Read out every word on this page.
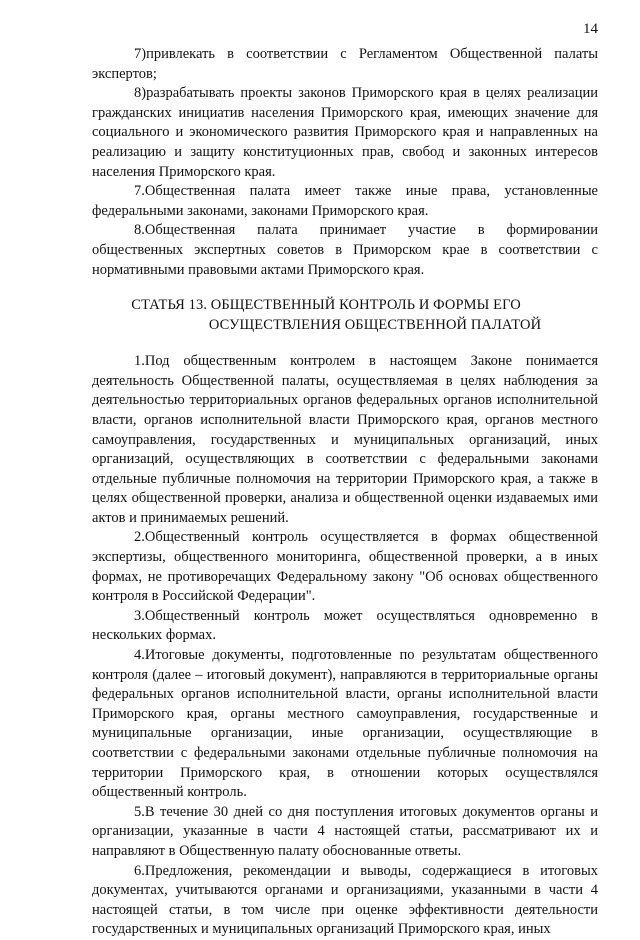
14

7)привлекать в соответствии с Регламентом Общественной палаты экспертов;

8)разрабатывать проекты законов Приморского края в целях реализации гражданских инициатив населения Приморского края, имеющих значение для социального и экономического развития Приморского края и направленных на реализацию и защиту конституционных прав, свобод и законных интересов населения Приморского края.

7.Общественная палата имеет также иные права, установленные федеральными законами, законами Приморского края.

8.Общественная палата принимает участие в формировании общественных экспертных советов в Приморском крае в соответствии с нормативными правовыми актами Приморского края.

СТАТЬЯ 13. ОБЩЕСТВЕННЫЙ КОНТРОЛЬ И ФОРМЫ ЕГО
ОСУЩЕСТВЛЕНИЯ ОБЩЕСТВЕННОЙ ПАЛАТОЙ

1.Под общественным контролем в настоящем Законе понимается деятельность Общественной палаты, осуществляемая в целях наблюдения за деятельностью территориальных органов федеральных органов исполнительной власти, органов исполнительной власти Приморского края, органов местного самоуправления, государственных и муниципальных организаций, иных организаций, осуществляющих в соответствии с федеральными законами отдельные публичные полномочия на территории Приморского края, а также в целях общественной проверки, анализа и общественной оценки издаваемых ими актов и принимаемых решений.

2.Общественный контроль осуществляется в формах общественной экспертизы, общественного мониторинга, общественной проверки, а в иных формах, не противоречащих Федеральному закону "Об основах общественного контроля в Российской Федерации".

3.Общественный контроль может осуществляться одновременно в нескольких формах.

4.Итоговые документы, подготовленные по результатам общественного контроля (далее – итоговый документ), направляются в территориальные органы федеральных органов исполнительной власти, органы исполнительной власти Приморского края, органы местного самоуправления, государственные и муниципальные организации, иные организации, осуществляющие в соответствии с федеральными законами отдельные публичные полномочия на территории Приморского края, в отношении которых осуществлялся общественный контроль.

5.В течение 30 дней со дня поступления итоговых документов органы и организации, указанные в части 4 настоящей статьи, рассматривают их и направляют в Общественную палату обоснованные ответы.

6.Предложения, рекомендации и выводы, содержащиеся в итоговых документах, учитываются органами и организациями, указанными в части 4 настоящей статьи, в том числе при оценке эффективности деятельности государственных и муниципальных организаций Приморского края, иных
